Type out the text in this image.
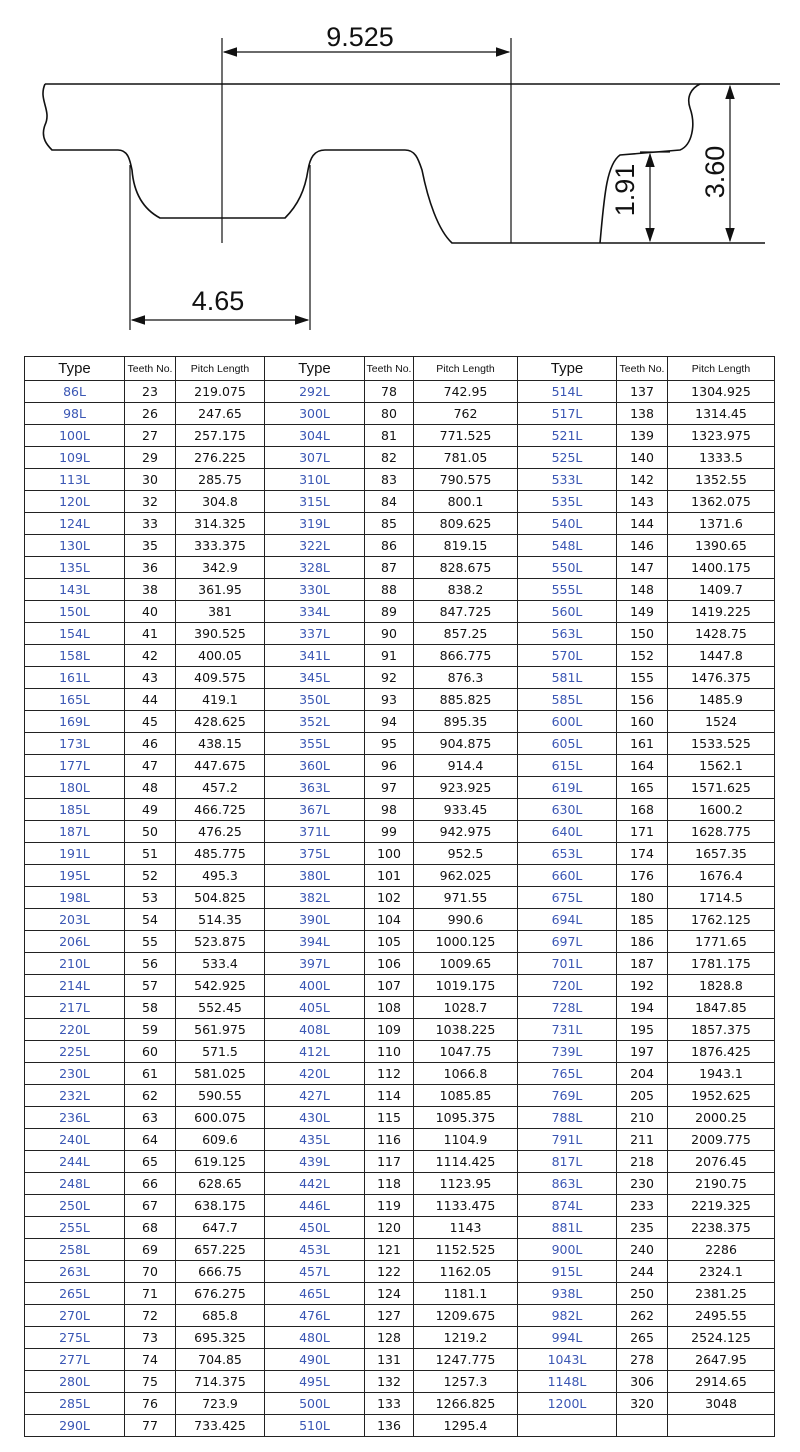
9.525
4.65
1.91 3.60
Type	Teeth No.	Pitch Length	Type	Teeth No.	Pitch Length	Type	Teeth No.	Pitch Length
86L	23	219.075	292L	78	742.95	514L	137	1304.925
98L	26	247.65	300L	80	762	517L	138	1314.45
100L	27	257.175	304L	81	771.525	521L	139	1323.975
109L	29	276.225	307L	82	781.05	525L	140	1333.5
113L	30	285.75	310L	83	790.575	533L	142	1352.55
120L	32	304.8	315L	84	800.1	535L	143	1362.075
124L	33	314.325	319L	85	809.625	540L	144	1371.6
130L	35	333.375	322L	86	819.15	548L	146	1390.65
135L	36	342.9	328L	87	828.675	550L	147	1400.175
143L	38	361.95	330L	88	838.2	555L	148	1409.7
150L	40	381	334L	89	847.725	560L	149	1419.225
154L	41	390.525	337L	90	857.25	563L	150	1428.75
158L	42	400.05	341L	91	866.775	570L	152	1447.8
161L	43	409.575	345L	92	876.3	581L	155	1476.375
165L	44	419.1	350L	93	885.825	585L	156	1485.9
169L	45	428.625	352L	94	895.35	600L	160	1524
173L	46	438.15	355L	95	904.875	605L	161	1533.525
177L	47	447.675	360L	96	914.4	615L	164	1562.1
180L	48	457.2	363L	97	923.925	619L	165	1571.625
185L	49	466.725	367L	98	933.45	630L	168	1600.2
187L	50	476.25	371L	99	942.975	640L	171	1628.775
191L	51	485.775	375L	100	952.5	653L	174	1657.35
195L	52	495.3	380L	101	962.025	660L	176	1676.4
198L	53	504.825	382L	102	971.55	675L	180	1714.5
203L	54	514.35	390L	104	990.6	694L	185	1762.125
206L	55	523.875	394L	105	1000.125	697L	186	1771.65
210L	56	533.4	397L	106	1009.65	701L	187	1781.175
214L	57	542.925	400L	107	1019.175	720L	192	1828.8
217L	58	552.45	405L	108	1028.7	728L	194	1847.85
220L	59	561.975	408L	109	1038.225	731L	195	1857.375
225L	60	571.5	412L	110	1047.75	739L	197	1876.425
230L	61	581.025	420L	112	1066.8	765L	204	1943.1
232L	62	590.55	427L	114	1085.85	769L	205	1952.625
236L	63	600.075	430L	115	1095.375	788L	210	2000.25
240L	64	609.6	435L	116	1104.9	791L	211	2009.775
244L	65	619.125	439L	117	1114.425	817L	218	2076.45
248L	66	628.65	442L	118	1123.95	863L	230	2190.75
250L	67	638.175	446L	119	1133.475	874L	233	2219.325
255L	68	647.7	450L	120	1143	881L	235	2238.375
258L	69	657.225	453L	121	1152.525	900L	240	2286
263L	70	666.75	457L	122	1162.05	915L	244	2324.1
265L	71	676.275	465L	124	1181.1	938L	250	2381.25
270L	72	685.8	476L	127	1209.675	982L	262	2495.55
275L	73	695.325	480L	128	1219.2	994L	265	2524.125
277L	74	704.85	490L	131	1247.775	1043L	278	2647.95
280L	75	714.375	495L	132	1257.3	1148L	306	2914.65
285L	76	723.9	500L	133	1266.825	1200L	320	3048
290L	77	733.425	510L	136	1295.4			
